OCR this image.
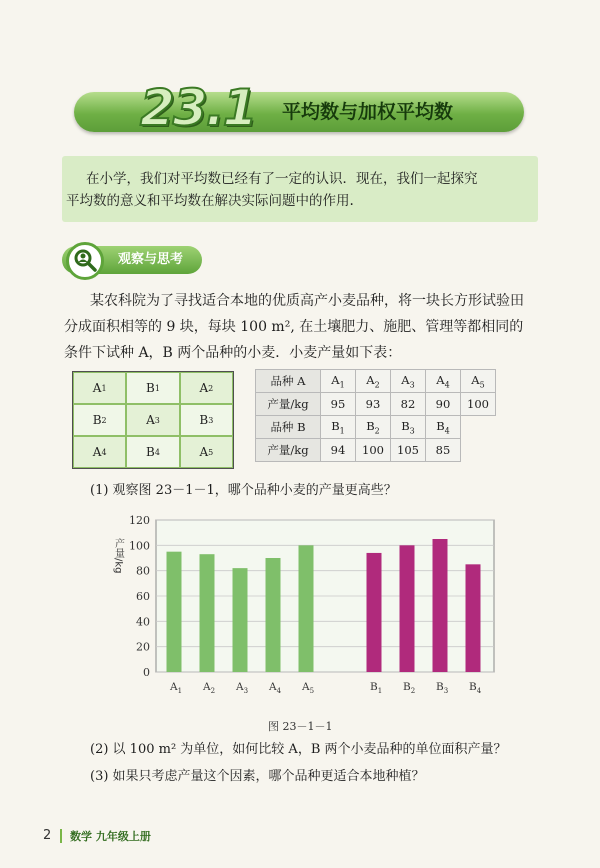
23.1 平均数与加权平均数
在小学，我们对平均数已经有了一定的认识．现在，我们一起探究
平均数的意义和平均数在解决实际问题中的作用.
观察与思考
某农科院为了寻找适合本地的优质高产小麦品种，将一块长方形试验田
分成面积相等的 9 块，每块 100 m², 在土壤肥力、施肥、管理等都相同的
条件下试种 A，B 两个品种的小麦．小麦产量如下表：
A 1	B 1	A 2
B 2	A 3	B 3
A 4	B 4	A 5
品种 A	$A_1$	$A_2$	$A_3$	$A_4$	$A_5$
产量/kg	95	93	82	90	100
品种 B	$B_1$	$B_2$	$B_3$	$B_4$	
产量/kg	94	100	105	85	
(1) 观察图 23－1－1，哪个品种小麦的产量更高些？
0
20
40
60
80
100
120
产量/kg
$A_1$ $A_2$ $A_3$ $A_4$ $A_5$	$B_1$ $B_2$ $B_3$ $B_4$
图 23－1－1
(2) 以 100 m² 为单位，如何比较 A，B 两个小麦品种的单位面积产量？
(3) 如果只考虑产量这个因素，哪个品种更适合本地种植？
2 数学 九年级上册
